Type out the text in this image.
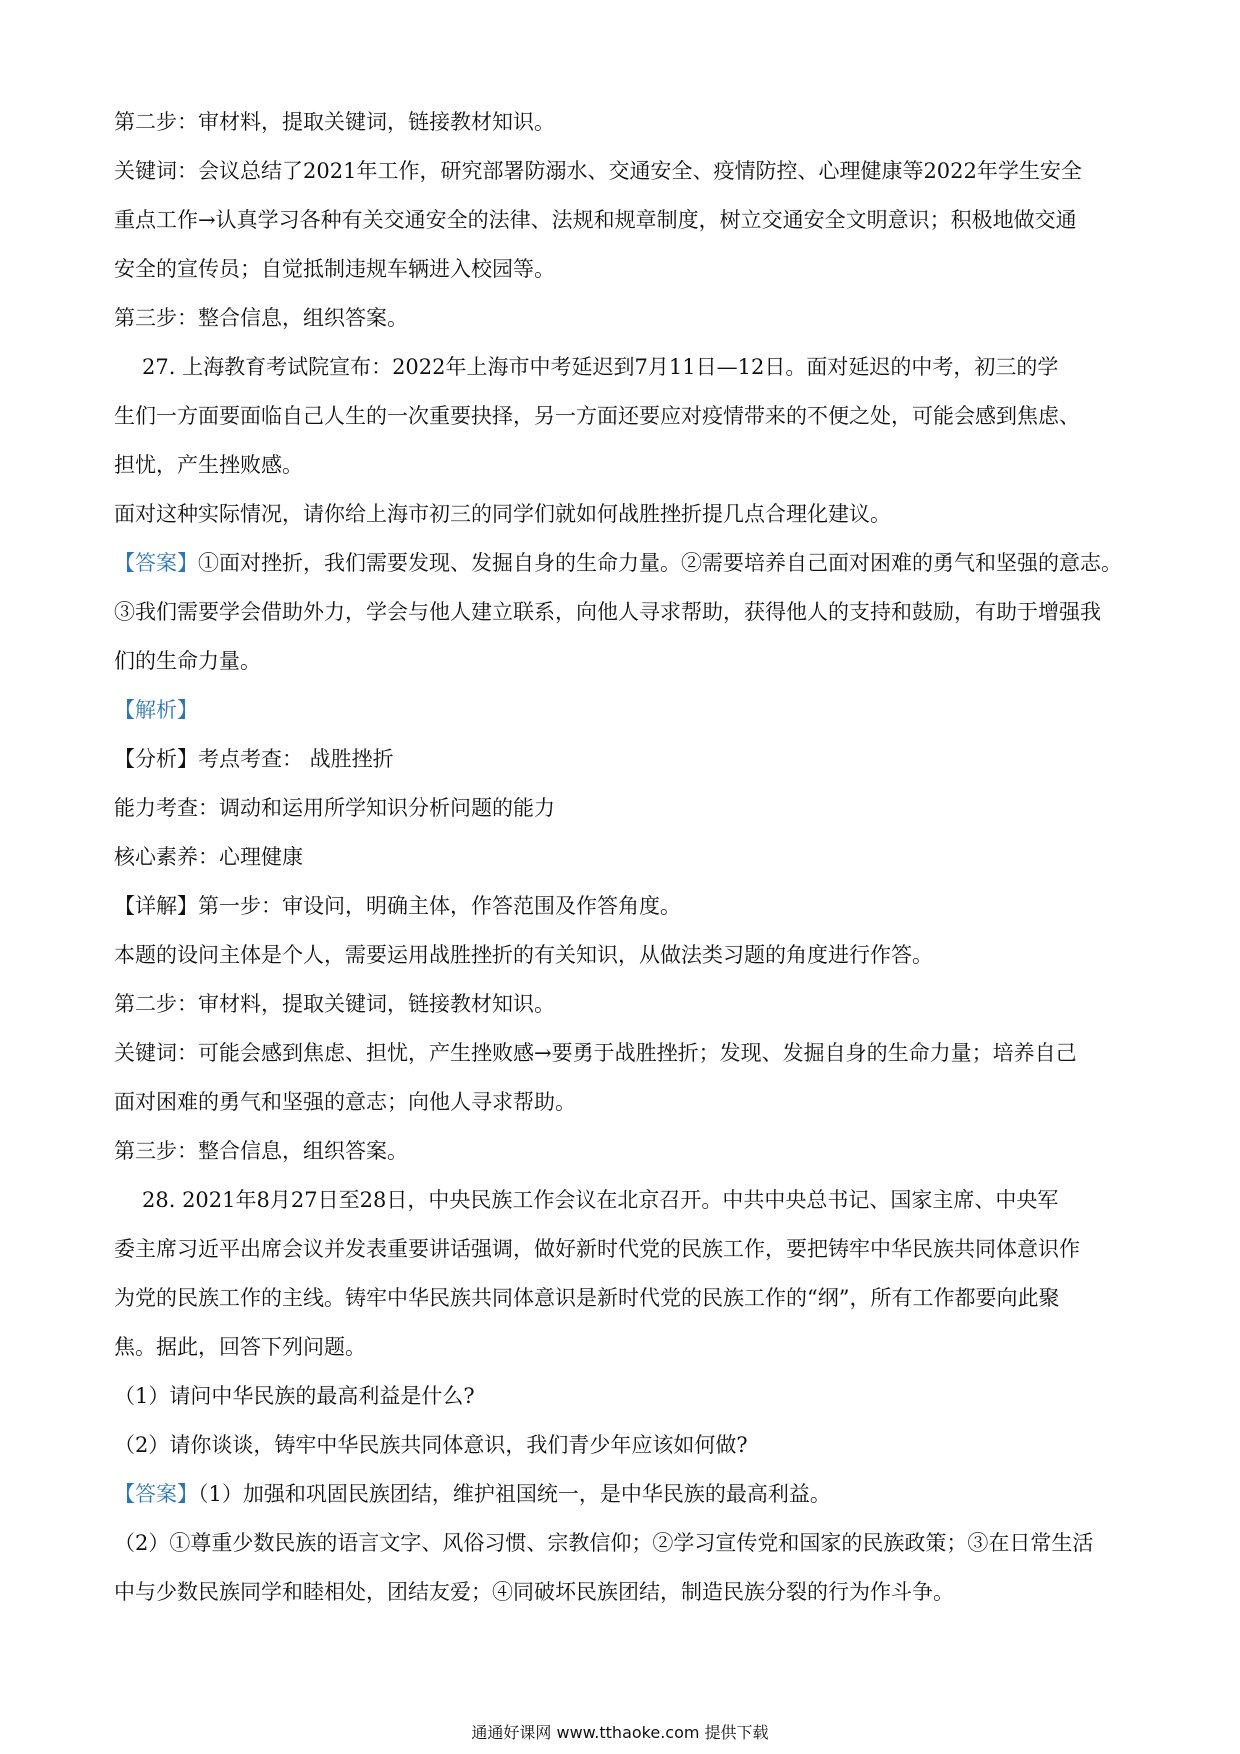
第二步：审材料，提取关键词，链接教材知识。
关键词：会议总结了2021年工作，研究部署防溺水、交通安全、疫情防控、心理健康等2022年学生安全
重点工作→认真学习各种有关交通安全的法律、法规和规章制度，树立交通安全文明意识；积极地做交通
安全的宣传员；自觉抵制违规车辆进入校园等。
第三步：整合信息，组织答案。
27. 上海教育考试院宣布：2022年上海市中考延迟到7月11日—12日。面对延迟的中考，初三的学
生们一方面要面临自己人生的一次重要抉择，另一方面还要应对疫情带来的不便之处，可能会感到焦虑、
担忧，产生挫败感。
面对这种实际情况，请你给上海市初三的同学们就如何战胜挫折提几点合理化建议。
【答案】①面对挫折，我们需要发现、发掘自身的生命力量。②需要培养自己面对困难的勇气和坚强的意志。
③我们需要学会借助外力，学会与他人建立联系，向他人寻求帮助，获得他人的支持和鼓励，有助于增强我
们的生命力量。
【解析】
【分析】考点考查： 战胜挫折
能力考查：调动和运用所学知识分析问题的能力
核心素养：心理健康
【详解】第一步：审设问，明确主体，作答范围及作答角度。
本题的设问主体是个人，需要运用战胜挫折的有关知识，从做法类习题的角度进行作答。
第二步：审材料，提取关键词，链接教材知识。
关键词：可能会感到焦虑、担忧，产生挫败感→要勇于战胜挫折；发现、发掘自身的生命力量；培养自己
面对困难的勇气和坚强的意志；向他人寻求帮助。
第三步：整合信息，组织答案。
28. 2021年8月27日至28日，中央民族工作会议在北京召开。中共中央总书记、国家主席、中央军
委主席习近平出席会议并发表重要讲话强调，做好新时代党的民族工作，要把铸牢中华民族共同体意识作
为党的民族工作的主线。铸牢中华民族共同体意识是新时代党的民族工作的“纲”，所有工作都要向此聚
焦。据此，回答下列问题。
（1）请问中华民族的最高利益是什么?
（2）请你谈谈，铸牢中华民族共同体意识，我们青少年应该如何做?
【答案】（1）加强和巩固民族团结，维护祖国统一，是中华民族的最高利益。
（2）①尊重少数民族的语言文字、风俗习惯、宗教信仰；②学习宣传党和国家的民族政策；③在日常生活
中与少数民族同学和睦相处，团结友爱；④同破坏民族团结，制造民族分裂的行为作斗争。
通通好课网 www.tthaoke.com 提供下载
